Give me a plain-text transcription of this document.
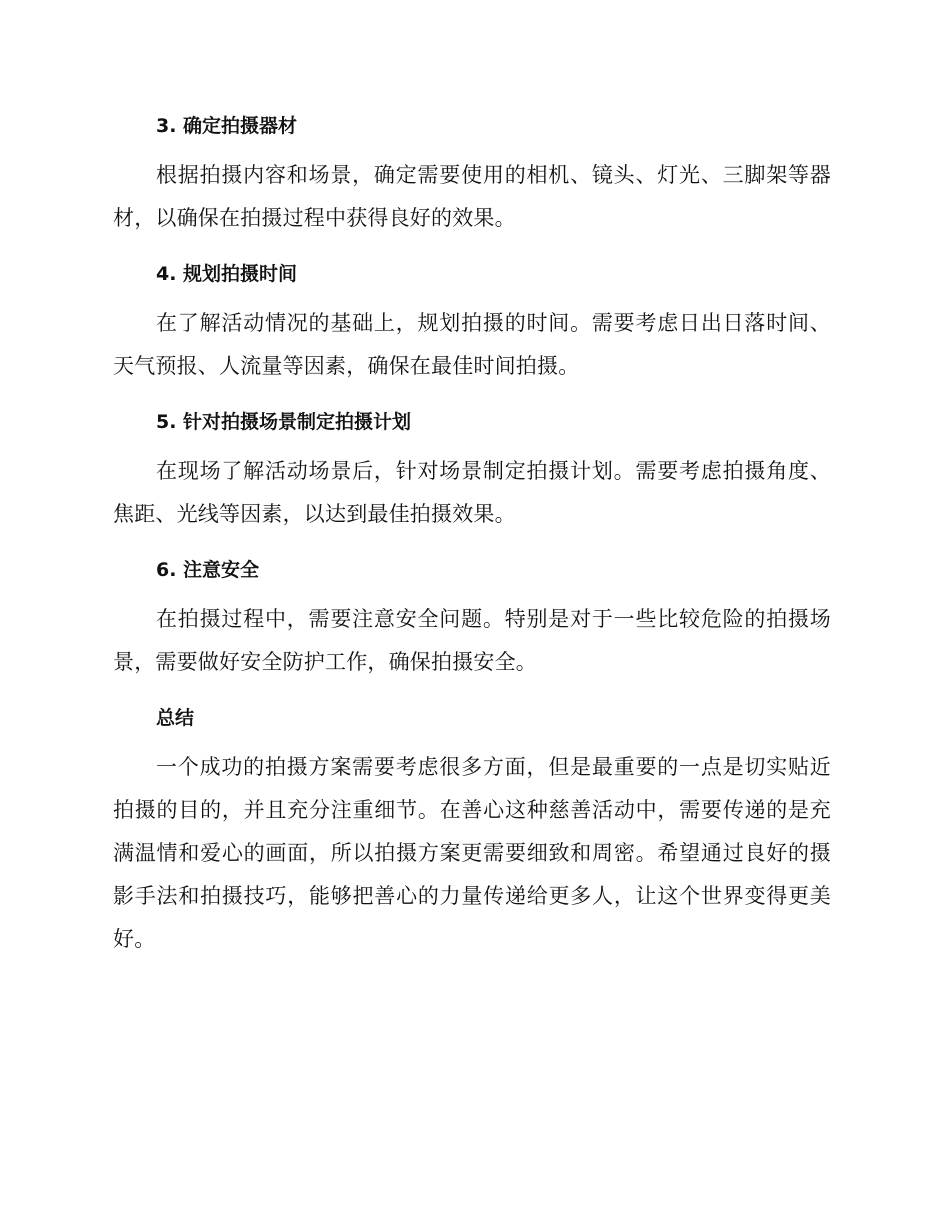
3. 确定拍摄器材

根据拍摄内容和场景，确定需要使用的相机、镜头、灯光、三脚架等器材，以确保在拍摄过程中获得良好的效果。

4. 规划拍摄时间

在了解活动情况的基础上，规划拍摄的时间。需要考虑日出日落时间、天气预报、人流量等因素，确保在最佳时间拍摄。

5. 针对拍摄场景制定拍摄计划

在现场了解活动场景后，针对场景制定拍摄计划。需要考虑拍摄角度、焦距、光线等因素，以达到最佳拍摄效果。

6. 注意安全

在拍摄过程中，需要注意安全问题。特别是对于一些比较危险的拍摄场景，需要做好安全防护工作，确保拍摄安全。

总结

一个成功的拍摄方案需要考虑很多方面，但是最重要的一点是切实贴近拍摄的目的，并且充分注重细节。在善心这种慈善活动中，需要传递的是充满温情和爱心的画面，所以拍摄方案更需要细致和周密。希望通过良好的摄影手法和拍摄技巧，能够把善心的力量传递给更多人，让这个世界变得更美好。
